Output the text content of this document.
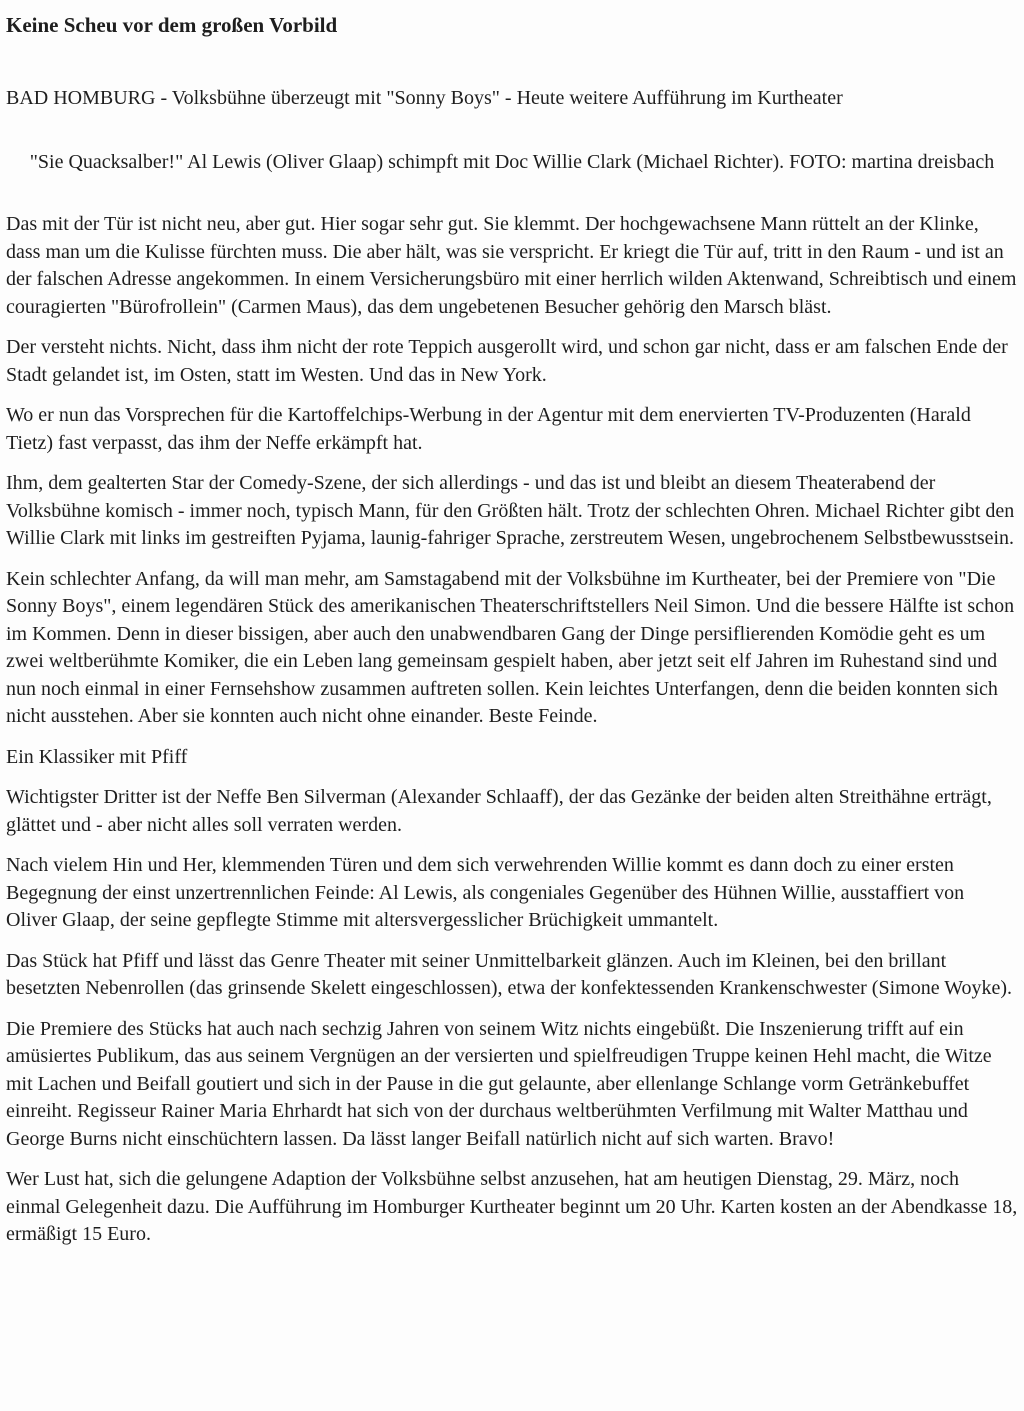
Keine Scheu vor dem großen Vorbild

BAD HOMBURG - Volksbühne überzeugt mit "Sonny Boys" - Heute weitere Aufführung im Kurtheater

"Sie Quacksalber!" Al Lewis (Oliver Glaap) schimpft mit Doc Willie Clark (Michael Richter). FOTO: martina dreisbach

Das mit der Tür ist nicht neu, aber gut. Hier sogar sehr gut. Sie klemmt. Der hochgewachsene Mann rüttelt an der Klinke, dass man um die Kulisse fürchten muss. Die aber hält, was sie verspricht. Er kriegt die Tür auf, tritt in den Raum - und ist an der falschen Adresse angekommen. In einem Versicherungsbüro mit einer herrlich wilden Aktenwand, Schreibtisch und einem couragierten "Bürofrollein" (Carmen Maus), das dem ungebetenen Besucher gehörig den Marsch bläst.

Der versteht nichts. Nicht, dass ihm nicht der rote Teppich ausgerollt wird, und schon gar nicht, dass er am falschen Ende der Stadt gelandet ist, im Osten, statt im Westen. Und das in New York.

Wo er nun das Vorsprechen für die Kartoffelchips-Werbung in der Agentur mit dem enervierten TV-Produzenten (Harald Tietz) fast verpasst, das ihm der Neffe erkämpft hat.

Ihm, dem gealterten Star der Comedy-Szene, der sich allerdings - und das ist und bleibt an diesem Theaterabend der Volksbühne komisch - immer noch, typisch Mann, für den Größten hält. Trotz der schlechten Ohren. Michael Richter gibt den Willie Clark mit links im gestreiften Pyjama, launig-fahriger Sprache, zerstreutem Wesen, ungebrochenem Selbstbewusstsein.

Kein schlechter Anfang, da will man mehr, am Samstagabend mit der Volksbühne im Kurtheater, bei der Premiere von "Die Sonny Boys", einem legendären Stück des amerikanischen Theaterschriftstellers Neil Simon. Und die bessere Hälfte ist schon im Kommen. Denn in dieser bissigen, aber auch den unabwendbaren Gang der Dinge persiflierenden Komödie geht es um zwei weltberühmte Komiker, die ein Leben lang gemeinsam gespielt haben, aber jetzt seit elf Jahren im Ruhestand sind und nun noch einmal in einer Fernsehshow zusammen auftreten sollen. Kein leichtes Unterfangen, denn die beiden konnten sich nicht ausstehen. Aber sie konnten auch nicht ohne einander. Beste Feinde.

Ein Klassiker mit Pfiff

Wichtigster Dritter ist der Neffe Ben Silverman (Alexander Schlaaff), der das Gezänke der beiden alten Streithähne erträgt, glättet und - aber nicht alles soll verraten werden.

Nach vielem Hin und Her, klemmenden Türen und dem sich verwehrenden Willie kommt es dann doch zu einer ersten Begegnung der einst unzertrennlichen Feinde: Al Lewis, als congeniales Gegenüber des Hühnen Willie, ausstaffiert von Oliver Glaap, der seine gepflegte Stimme mit altersvergesslicher Brüchigkeit ummantelt.

Das Stück hat Pfiff und lässt das Genre Theater mit seiner Unmittelbarkeit glänzen. Auch im Kleinen, bei den brillant besetzten Nebenrollen (das grinsende Skelett eingeschlossen), etwa der konfektessenden Krankenschwester (Simone Woyke).

Die Premiere des Stücks hat auch nach sechzig Jahren von seinem Witz nichts eingebüßt. Die Inszenierung trifft auf ein amüsiertes Publikum, das aus seinem Vergnügen an der versierten und spielfreudigen Truppe keinen Hehl macht, die Witze mit Lachen und Beifall goutiert und sich in der Pause in die gut gelaunte, aber ellenlange Schlange vorm Getränkebuffet einreiht. Regisseur Rainer Maria Ehrhardt hat sich von der durchaus weltberühmten Verfilmung mit Walter Matthau und George Burns nicht einschüchtern lassen. Da lässt langer Beifall natürlich nicht auf sich warten. Bravo!

Wer Lust hat, sich die gelungene Adaption der Volksbühne selbst anzusehen, hat am heutigen Dienstag, 29. März, noch einmal Gelegenheit dazu. Die Aufführung im Homburger Kurtheater beginnt um 20 Uhr. Karten kosten an der Abendkasse 18, ermäßigt 15 Euro.
